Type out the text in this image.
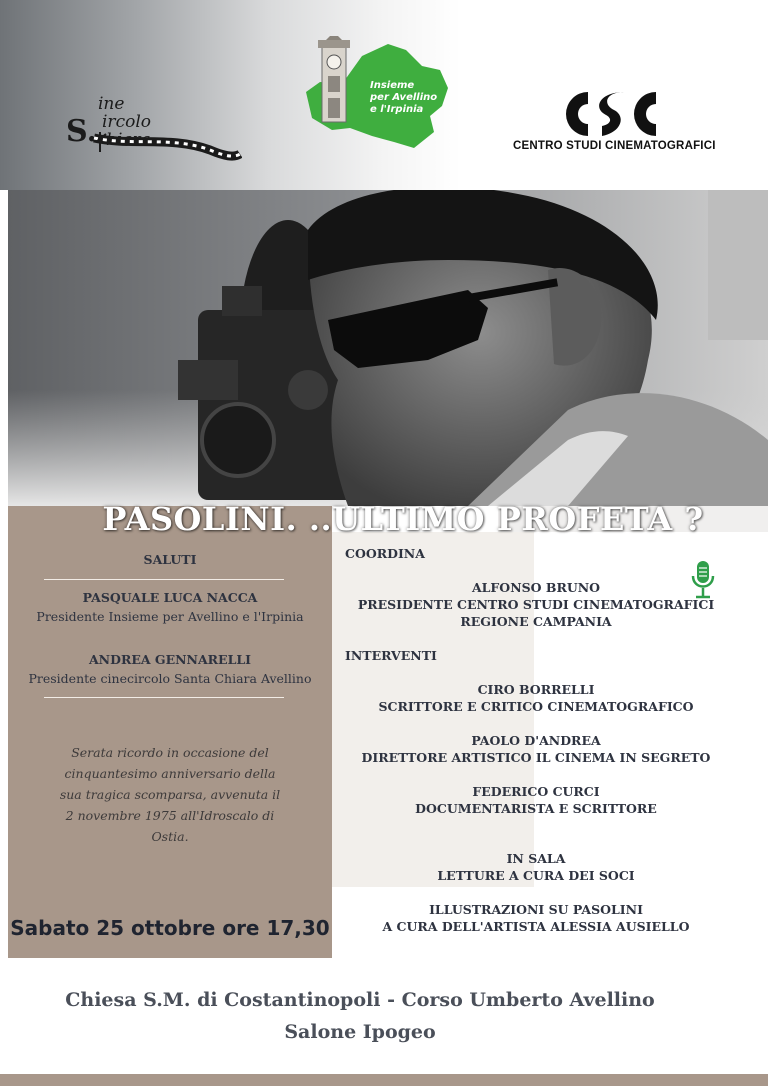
S.
ine
ircolo
hiara
Insieme
per Avellino
e l'Irpinia
CENTRO STUDI CINEMATOGRAFICI
SALUTI
PASQUALE LUCA NACCA
Presidente Insieme per Avellino e l'Irpinia
ANDREA GENNARELLI
Presidente cinecircolo Santa Chiara Avellino
Serata ricordo in occasione del
cinquantesimo anniversario della
sua tragica scomparsa, avvenuta il
2 novembre 1975 all'Idroscalo di
Ostia.
Sabato 25 ottobre ore 17,30
PASOLINI. ..ULTIMO PROFETA ?
COORDINA
ALFONSO BRUNO
PRESIDENTE CENTRO STUDI CINEMATOGRAFICI
REGIONE CAMPANIA
INTERVENTI
CIRO BORRELLI
SCRITTORE E CRITICO CINEMATOGRAFICO
PAOLO D'ANDREA
DIRETTORE ARTISTICO IL CINEMA IN SEGRETO
FEDERICO CURCI
DOCUMENTARISTA E SCRITTORE
IN SALA
LETTURE A CURA DEI SOCI
ILLUSTRAZIONI SU PASOLINI
A CURA DELL'ARTISTA ALESSIA AUSIELLO
Chiesa S.M. di Costantinopoli - Corso Umberto Avellino
Salone Ipogeo
